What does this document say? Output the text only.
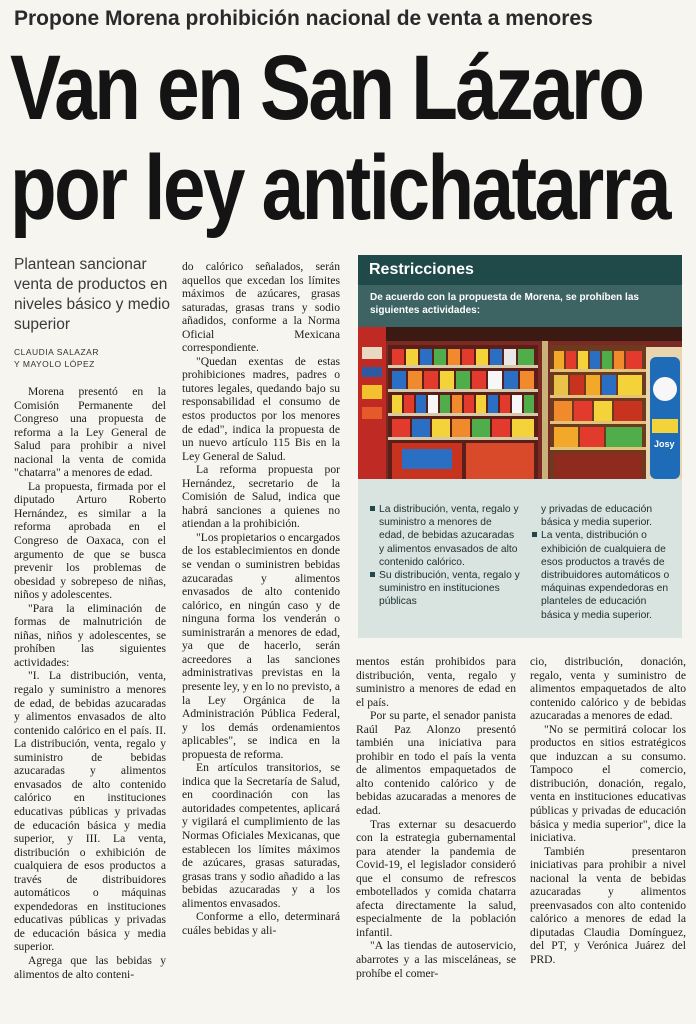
Propone Morena prohibición nacional de venta a menores
Van en San Lázaro
por ley antichatarra
Plantean sancionar venta de productos en niveles básico y medio superior
CLAUDIA SALAZAR
Y MAYOLO LÓPEZ

Morena presentó en la Comisión Permanente del Congreso una propuesta de reforma a la Ley General de Salud para prohibir a nivel nacional la venta de comida "chatarra" a menores de edad.

La propuesta, firmada por el diputado Arturo Roberto Hernández, es similar a la reforma aprobada en el Congreso de Oaxaca, con el argumento de que se busca prevenir los problemas de obesidad y sobrepeso de niñas, niños y adolescentes.

"Para la eliminación de formas de malnutrición de niñas, niños y adolescentes, se prohíben las siguientes actividades:

"I. La distribución, venta, regalo y suministro a menores de edad, de bebidas azucaradas y alimentos envasados de alto contenido calórico en el país. II. La distribución, venta, regalo y suministro de bebidas azucaradas y alimentos envasados de alto contenido calórico en instituciones educativas públicas y privadas de educación básica y media superior, y III. La venta, distribución o exhibición de cualquiera de esos productos a través de distribuidores automáticos o máquinas expendedoras en instituciones educativas públicas y privadas de educación básica y media superior.

Agrega que las bebidas y alimentos de alto conteni-

do calórico señalados, serán aquellos que excedan los límites máximos de azúcares, grasas saturadas, grasas trans y sodio añadidos, conforme a la Norma Oficial Mexicana correspondiente.

"Quedan exentas de estas prohibiciones madres, padres o tutores legales, quedando bajo su responsabilidad el consumo de estos productos por los menores de edad", indica la propuesta de un nuevo artículo 115 Bis en la Ley General de Salud.

La reforma propuesta por Hernández, secretario de la Comisión de Salud, indica que habrá sanciones a quienes no atiendan a la prohibición.

"Los propietarios o encargados de los establecimientos en donde se vendan o suministren bebidas azucaradas y alimentos envasados de alto contenido calórico, en ningún caso y de ninguna forma los venderán o suministrarán a menores de edad, ya que de hacerlo, serán acreedores a las sanciones administrativas previstas en la presente ley, y en lo no previsto, a la Ley Orgánica de la Administración Pública Federal, y los demás ordenamientos aplicables", se indica en la propuesta de reforma.

En artículos transitorios, se indica que la Secretaría de Salud, en coordinación con las autoridades competentes, aplicará y vigilará el cumplimiento de las Normas Oficiales Mexicanas, que establecen los límites máximos de azúcares, grasas saturadas, grasas trans y sodio añadido a las bebidas azucaradas y a los alimentos envasados.

Conforme a ello, determinará cuáles bebidas y ali-

Restricciones
De acuerdo con la propuesta de Morena, se prohíben las siguientes actividades:
Josy
La distribución, venta, regalo y suministro a menores de edad, de bebidas azucaradas y alimentos envasados de alto contenido calórico.
Su distribución, venta, regalo y suministro en instituciones públicas
y privadas de educación básica y media superior.
La venta, distribución o exhibición de cualquiera de esos productos a través de distribuidores automáticos o máquinas expendedoras en planteles de educación básica y media superior.

mentos están prohibidos para distribución, venta, regalo y suministro a menores de edad en el país.

Por su parte, el senador panista Raúl Paz Alonzo presentó también una iniciativa para prohibir en todo el país la venta de alimentos empaquetados de alto contenido calórico y de bebidas azucaradas a menores de edad.

Tras externar su desacuerdo con la estrategia gubernamental para atender la pandemia de Covid-19, el legislador consideró que el consumo de refrescos embotellados y comida chatarra afecta directamente la salud, especialmente de la población infantil.

"A las tiendas de autoservicio, abarrotes y a las misceláneas, se prohíbe el comer-

cio, distribución, donación, regalo, venta y suministro de alimentos empaquetados de alto contenido calórico y de bebidas azucaradas a menores de edad.

"No se permitirá colocar los productos en sitios estratégicos que induzcan a su consumo. Tampoco el comercio, distribución, donación, regalo, venta en instituciones educativas públicas y privadas de educación básica y media superior", dice la iniciativa.

También presentaron iniciativas para prohibir a nivel nacional la venta de bebidas azucaradas y alimentos preenvasados con alto contenido calórico a menores de edad la diputadas Claudia Domínguez, del PT, y Verónica Juárez del PRD.
